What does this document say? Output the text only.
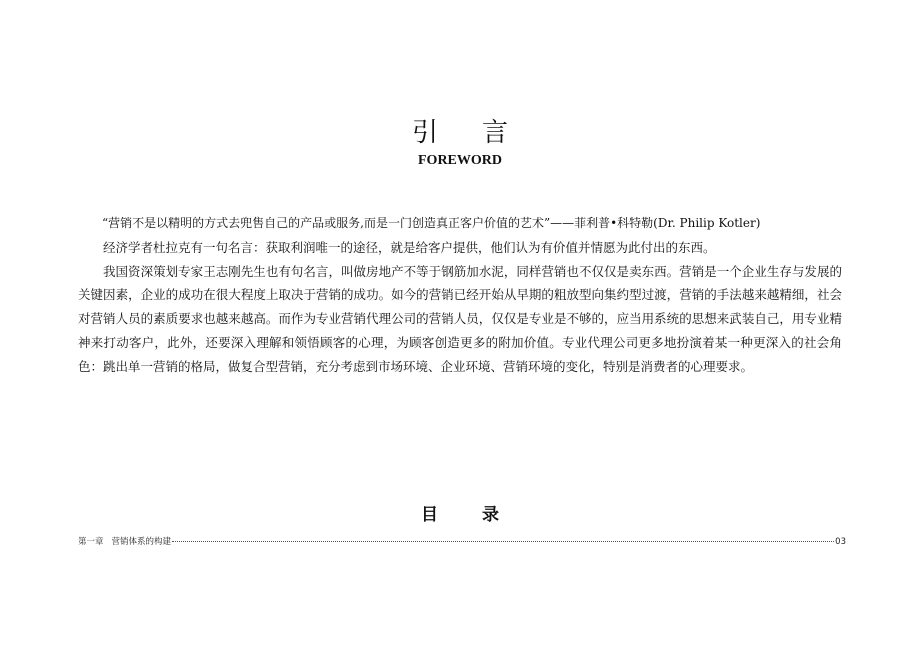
引 言
FOREWORD

“营销不是以精明的方式去兜售自己的产品或服务,而是一门创造真正客户价值的艺术”——菲利普•科特勒(Dr. Philip Kotler)

经济学者杜拉克有一句名言：获取利润唯一的途径，就是给客户提供，他们认为有价值并情愿为此付出的东西。

我国资深策划专家王志刚先生也有句名言，叫做房地产不等于钢筋加水泥，同样营销也不仅仅是卖东西。营销是一个企业生存与发展的关键因素，企业的成功在很大程度上取决于营销的成功。如今的营销已经开始从早期的粗放型向集约型过渡，营销的手法越来越精细，社会对营销人员的素质要求也越来越高。而作为专业营销代理公司的营销人员，仅仅是专业是不够的，应当用系统的思想来武装自己，用专业精神来打动客户，此外，还要深入理解和领悟顾客的心理，为顾客创造更多的附加价值。专业代理公司更多地扮演着某一种更深入的社会角色：跳出单一营销的格局，做复合型营销，充分考虑到市场环境、企业环境、营销环境的变化，特别是消费者的心理要求。

目	录
第一章 营销体系的构建	03
